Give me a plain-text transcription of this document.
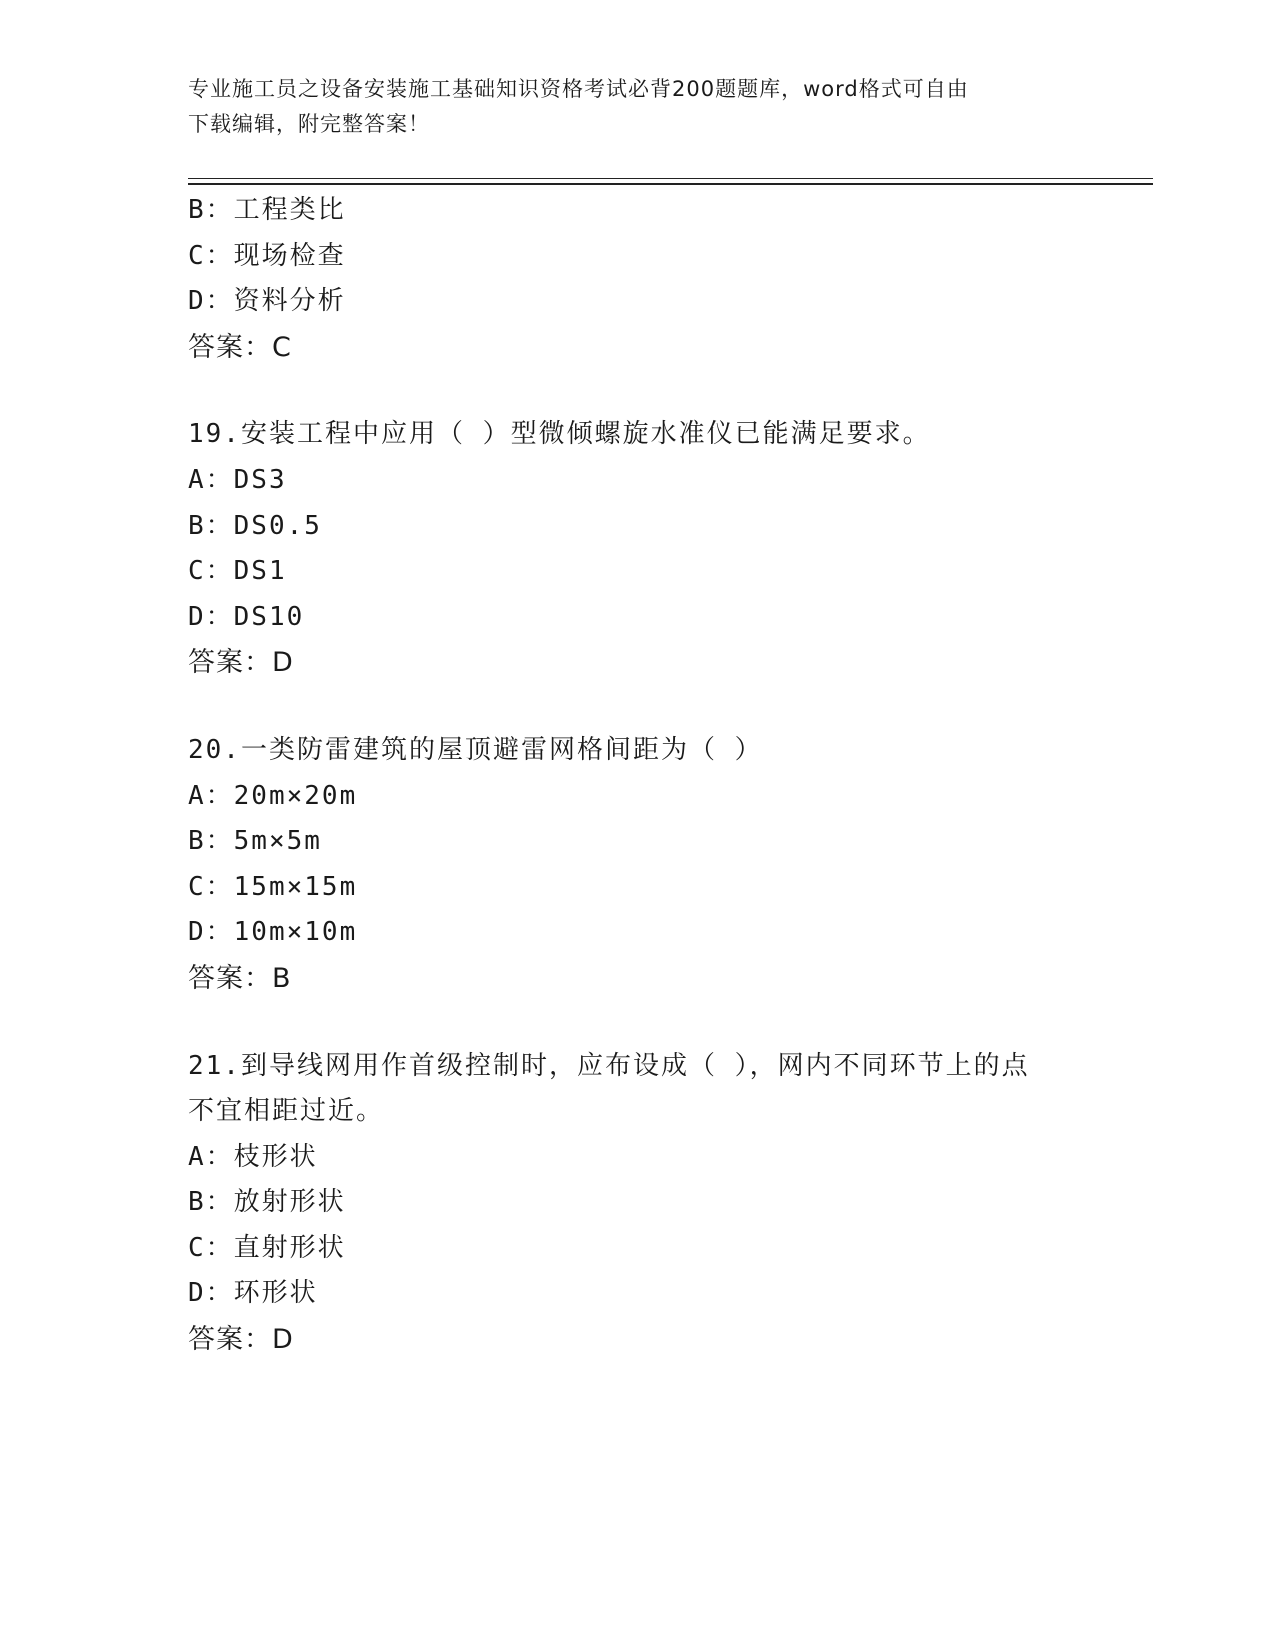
专业施工员之设备安装施工基础知识资格考试必背200题题库，word格式可自由
下载编辑，附完整答案！
B：工程类比
C：现场检查
D：资料分析
答案：C
19.安装工程中应用（ ）型微倾螺旋水准仪已能满足要求。
A：DS3
B：DS0.5
C：DS1
D：DS10
答案：D
20.一类防雷建筑的屋顶避雷网格间距为（ ）
A：20m×20m
B：5m×5m
C：15m×15m
D：10m×10m
答案：B
21.到导线网用作首级控制时，应布设成（ ），网内不同环节上的点
不宜相距过近。
A：枝形状
B：放射形状
C：直射形状
D：环形状
答案：D
